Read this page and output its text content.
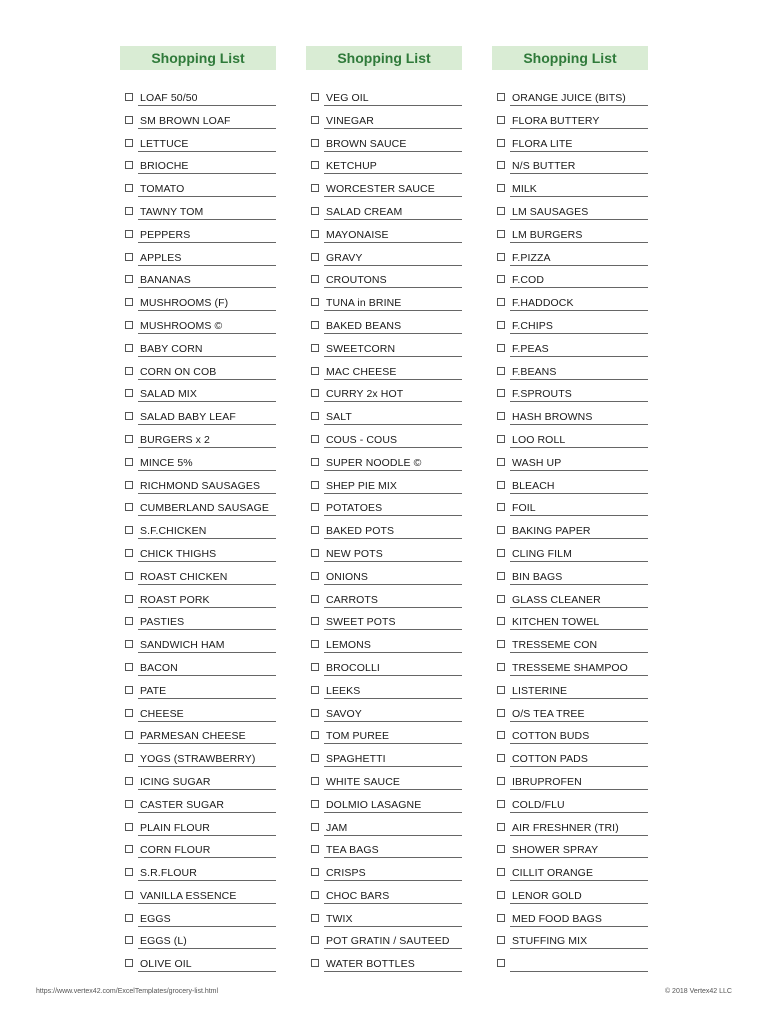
Shopping List
LOAF 50/50
SM BROWN LOAF
LETTUCE
BRIOCHE
TOMATO
TAWNY TOM
PEPPERS
APPLES
BANANAS
MUSHROOMS (F)
MUSHROOMS ©
BABY CORN
CORN ON COB
SALAD MIX
SALAD BABY LEAF
BURGERS x 2
MINCE 5%
RICHMOND SAUSAGES
CUMBERLAND SAUSAGE
S.F.CHICKEN
CHICK THIGHS
ROAST CHICKEN
ROAST PORK
PASTIES
SANDWICH HAM
BACON
PATE
CHEESE
PARMESAN CHEESE
YOGS (STRAWBERRY)
ICING SUGAR
CASTER SUGAR
PLAIN FLOUR
CORN FLOUR
S.R.FLOUR
VANILLA ESSENCE
EGGS
EGGS (L)
OLIVE OIL
Shopping List
VEG OIL
VINEGAR
BROWN SAUCE
KETCHUP
WORCESTER SAUCE
SALAD CREAM
MAYONAISE
GRAVY
CROUTONS
TUNA in BRINE
BAKED BEANS
SWEETCORN
MAC CHEESE
CURRY 2x HOT
SALT
COUS - COUS
SUPER NOODLE ©
SHEP PIE MIX
POTATOES
BAKED POTS
NEW POTS
ONIONS
CARROTS
SWEET POTS
LEMONS
BROCOLLI
LEEKS
SAVOY
TOM PUREE
SPAGHETTI
WHITE SAUCE
DOLMIO LASAGNE
JAM
TEA BAGS
CRISPS
CHOC BARS
TWIX
POT GRATIN / SAUTEED
WATER BOTTLES
Shopping List
ORANGE JUICE (BITS)
FLORA BUTTERY
FLORA LITE
N/S BUTTER
MILK
LM SAUSAGES
LM BURGERS
F.PIZZA
F.COD
F.HADDOCK
F.CHIPS
F.PEAS
F.BEANS
F.SPROUTS
HASH BROWNS
LOO ROLL
WASH UP
BLEACH
FOIL
BAKING PAPER
CLING FILM
BIN BAGS
GLASS CLEANER
KITCHEN TOWEL
TRESSEME CON
TRESSEME SHAMPOO
LISTERINE
O/S TEA TREE
COTTON BUDS
COTTON PADS
IBRUPROFEN
COLD/FLU
AIR FRESHNER (TRI)
SHOWER SPRAY
CILLIT ORANGE
LENOR GOLD
MED FOOD BAGS
STUFFING MIX
https://www.vertex42.com/ExcelTemplates/grocery-list.html	© 2018 Vertex42 LLC
